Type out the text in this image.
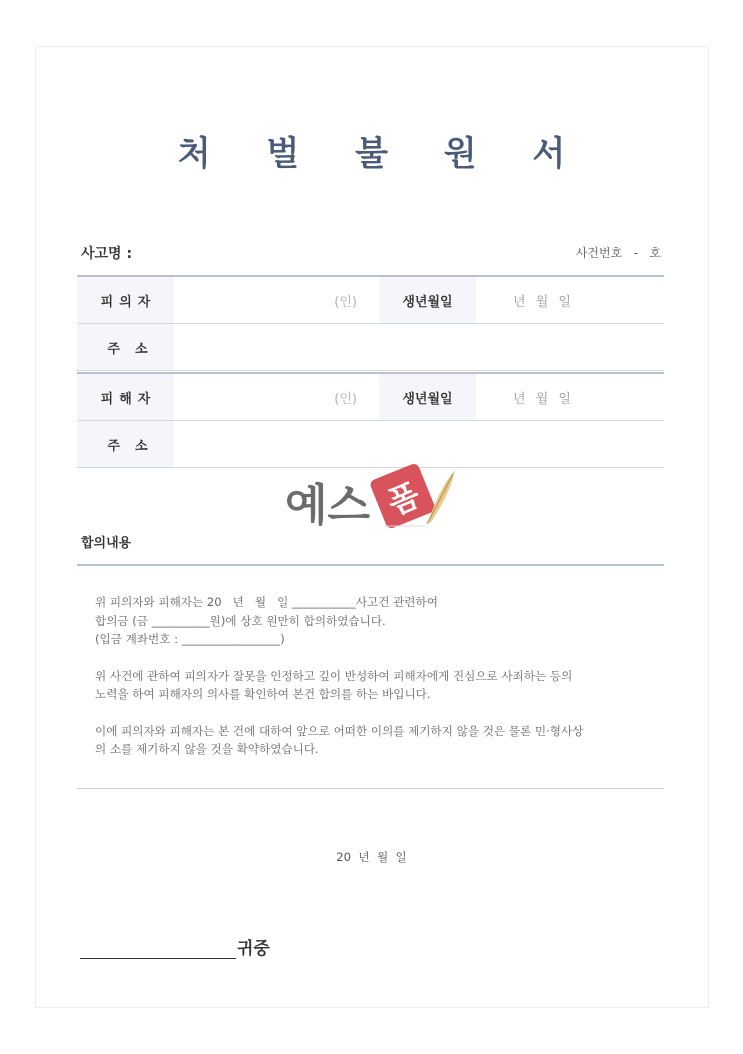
처 벌 불 원 서
사고명 :	사건번호   -   호
피의자	(인)	생년월일	년 월 일
주  소
피해자	(인)	생년월일	년 월 일
주  소
예스 폼
합의내용

위 피의자와 피해자는 20   년   월   일 ___________사고건 관련하여

합의금 (금 __________원)에 상호 원만히 합의하였습니다.

(입금 계좌번호 : _________________)

위 사건에 관하여 피의자가 잘못을 인정하고 깊이 반성하여 피해자에게 진심으로 사죄하는 등의

노력을 하여 피해자의 의사를 확인하여 본건 합의를 하는 바입니다.

이에 피의자와 피해자는 본 건에 대하여 앞으로 어떠한 이의를 제기하지 않을 것은 물론 민·형사상

의 소를 제기하지 않을 것을 확약하였습니다.

20  년  월  일
귀중
